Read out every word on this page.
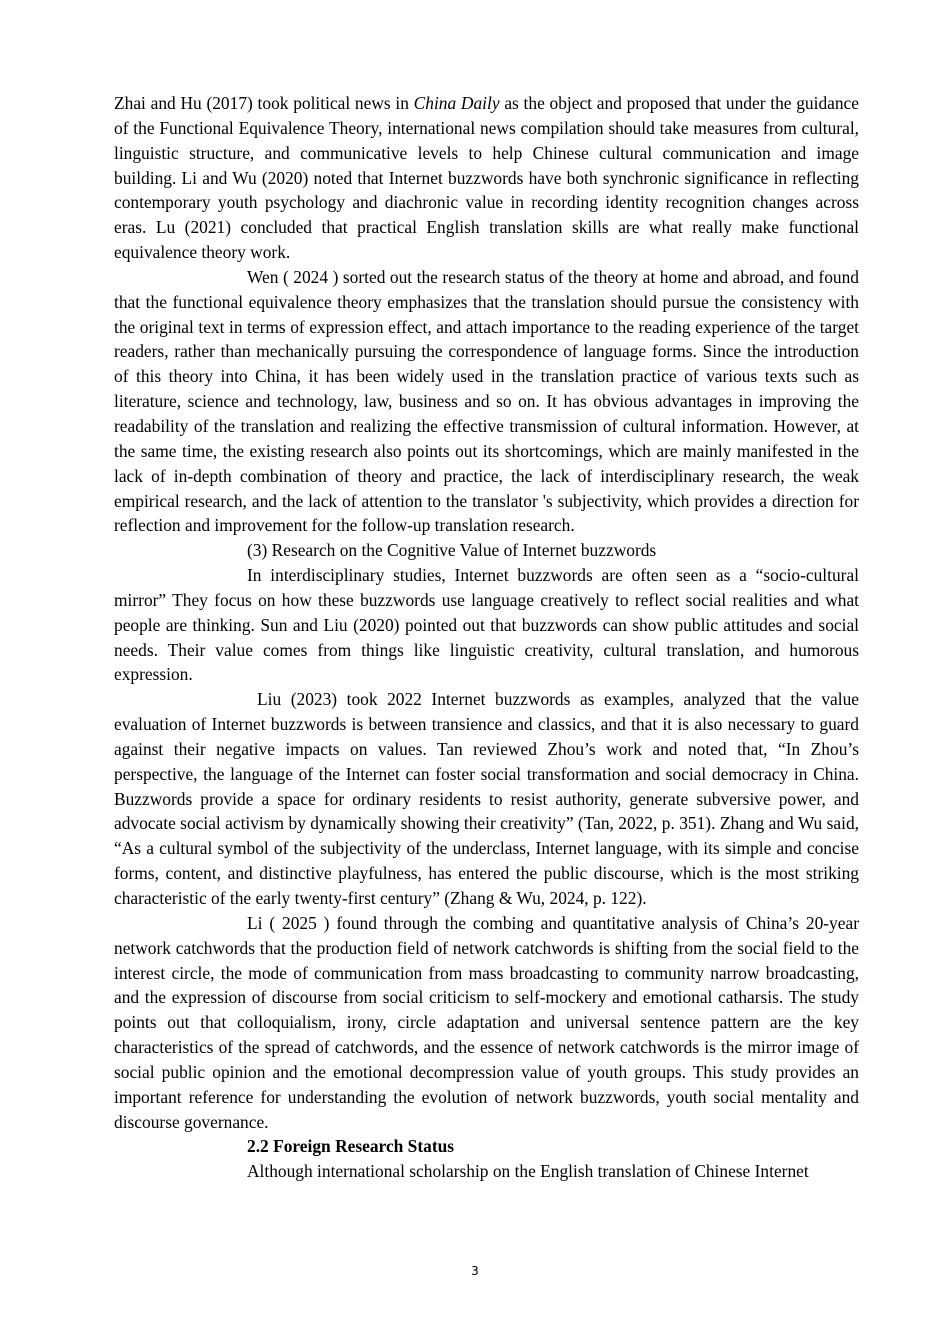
Zhai and Hu (2017) took political news in China Daily as the object and proposed that under the guidance of the Functional Equivalence Theory, international news compilation should take measures from cultural, linguistic structure, and communicative levels to help Chinese cultural communication and image building. Li and Wu (2020) noted that Internet buzzwords have both synchronic significance in reflecting contemporary youth psychology and diachronic value in recording identity recognition changes across eras. Lu (2021) concluded that practical English translation skills are what really make functional equivalence theory work.

Wen ( 2024 ) sorted out the research status of the theory at home and abroad, and found that the functional equivalence theory emphasizes that the translation should pursue the consistency with the original text in terms of expression effect, and attach importance to the reading experience of the target readers, rather than mechanically pursuing the correspondence of language forms. Since the introduction of this theory into China, it has been widely used in the translation practice of various texts such as literature, science and technology, law, business and so on. It has obvious advantages in improving the readability of the translation and realizing the effective transmission of cultural information. However, at the same time, the existing research also points out its shortcomings, which are mainly manifested in the lack of in-depth combination of theory and practice, the lack of interdisciplinary research, the weak empirical research, and the lack of attention to the translator 's subjectivity, which provides a direction for reflection and improvement for the follow-up translation research.

(3) Research on the Cognitive Value of Internet buzzwords

In interdisciplinary studies, Internet buzzwords are often seen as a “socio-cultural mirror” They focus on how these buzzwords use language creatively to reflect social realities and what people are thinking. Sun and Liu (2020) pointed out that buzzwords can show public attitudes and social needs. Their value comes from things like linguistic creativity, cultural translation, and humorous expression.

Liu (2023) took 2022 Internet buzzwords as examples, analyzed that the value evaluation of Internet buzzwords is between transience and classics, and that it is also necessary to guard against their negative impacts on values. Tan reviewed Zhou’s work and noted that, “In Zhou’s perspective, the language of the Internet can foster social transformation and social democracy in China. Buzzwords provide a space for ordinary residents to resist authority, generate subversive power, and advocate social activism by dynamically showing their creativity” (Tan, 2022, p. 351). Zhang and Wu said, “As a cultural symbol of the subjectivity of the underclass, Internet language, with its simple and concise forms, content, and distinctive playfulness, has entered the public discourse, which is the most striking characteristic of the early twenty-first century” (Zhang & Wu, 2024, p. 122).

Li ( 2025 ) found through the combing and quantitative analysis of China’s 20-year network catchwords that the production field of network catchwords is shifting from the social field to the interest circle, the mode of communication from mass broadcasting to community narrow broadcasting, and the expression of discourse from social criticism to self-mockery and emotional catharsis. The study points out that colloquialism, irony, circle adaptation and universal sentence pattern are the key characteristics of the spread of catchwords, and the essence of network catchwords is the mirror image of social public opinion and the emotional decompression value of youth groups. This study provides an important reference for understanding the evolution of network buzzwords, youth social mentality and discourse governance.

2.2 Foreign Research Status

Although international scholarship on the English translation of Chinese Internet

3
